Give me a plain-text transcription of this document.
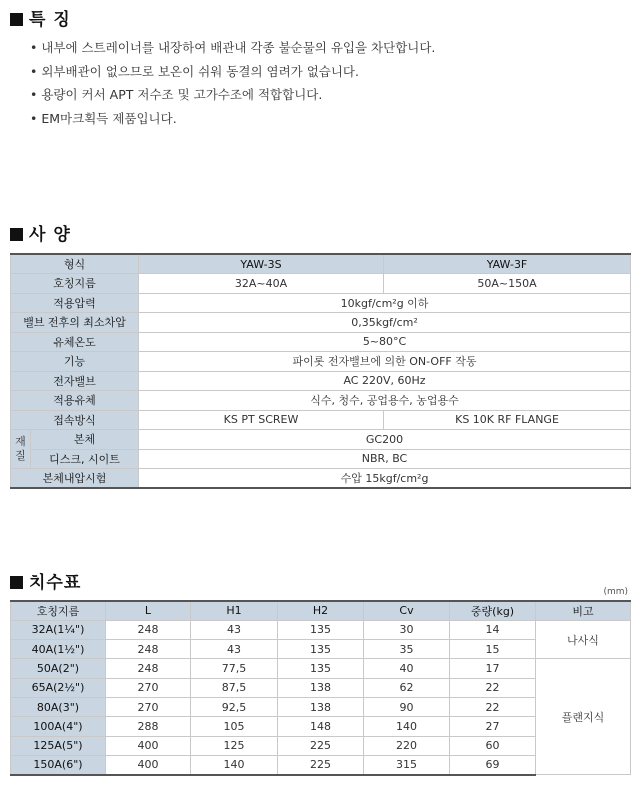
특 징
• 내부에 스트레이너를 내장하여 배관내 각종 불순물의 유입을 차단합니다.
• 외부배관이 없으므로 보온이 쉬워 동결의 염려가 없습니다.
• 용량이 커서 APT 저수조 및 고가수조에 적합합니다.
• EM마크획득 제품입니다.
사 양
형식		YAW-3S	YAW-3F
호칭지름		32A~40A	50A~150A
적용압력		10kgf/cm²g 이하	
밸브 전후의 최소차압		0,35kgf/cm²	
유체온도		5~80°C	
기능		파이롯 전자밸브에 의한 ON-OFF 작동	
전자밸브		AC 220V, 60Hz	
적용유체		식수, 청수, 공업용수, 농업용수	
접속방식		KS PT SCREW	KS 10K RF FLANGE
재
질	본체	GC200	
	디스크, 시이트	NBR, BC	
본체내압시험		수압 15kgf/cm²g	
치수표	(mm)
호칭지름	L	H1	H2	Cv	중량(kg)	비고
32A(1¼")	248	43	135	30	14	나사식
40A(1½")	248	43	135	35	15	
50A(2")	248	77,5	135	40	17	플랜지식
65A(2½")	270	87,5	138	62	22	
80A(3")	270	92,5	138	90	22	
100A(4")	288	105	148	140	27	
125A(5")	400	125	225	220	60	
150A(6")	400	140	225	315	69	
